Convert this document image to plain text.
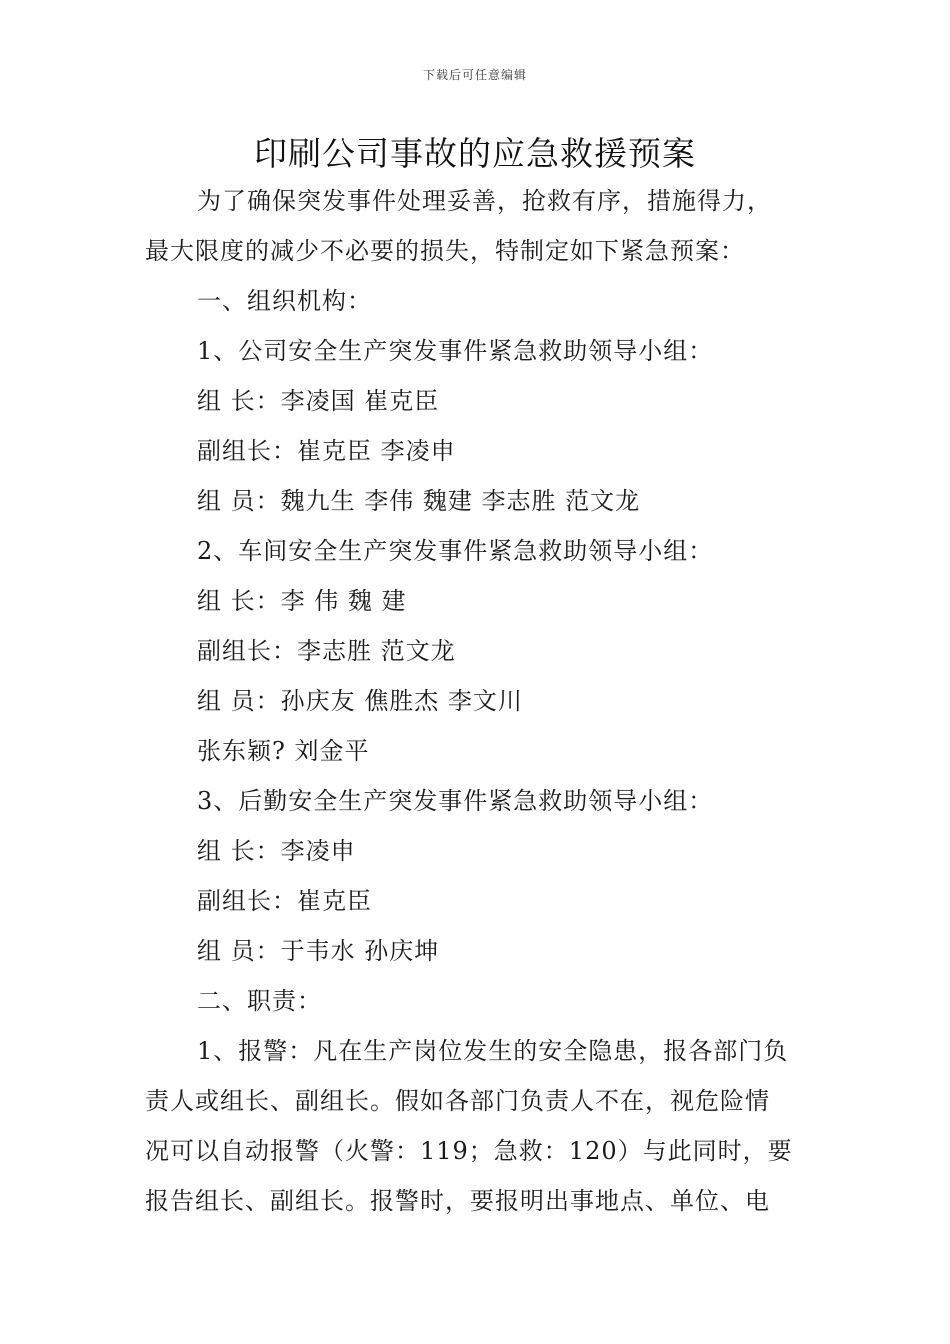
下载后可任意编辑
印刷公司事故的应急救援预案
为了确保突发事件处理妥善，抢救有序，措施得力，
最大限度的减少不必要的损失，特制定如下紧急预案：
一、组织机构：
1、公司安全生产突发事件紧急救助领导小组：
组 长：李凌国 崔克臣
副组长：崔克臣 李凌申
组 员：魏九生 李伟 魏建 李志胜 范文龙
2、车间安全生产突发事件紧急救助领导小组：
组 长：李 伟 魏 建
副组长：李志胜 范文龙
组 员：孙庆友 僬胜杰 李文川
张东颖? 刘金平
3、后勤安全生产突发事件紧急救助领导小组：
组 长：李凌申
副组长：崔克臣
组 员：于韦水 孙庆坤
二、职责：
1、报警：凡在生产岗位发生的安全隐患，报各部门负
责人或组长、副组长。假如各部门负责人不在，视危险情
况可以自动报警（火警：119；急救：120）与此同时，要
报告组长、副组长。报警时，要报明出事地点、单位、电
